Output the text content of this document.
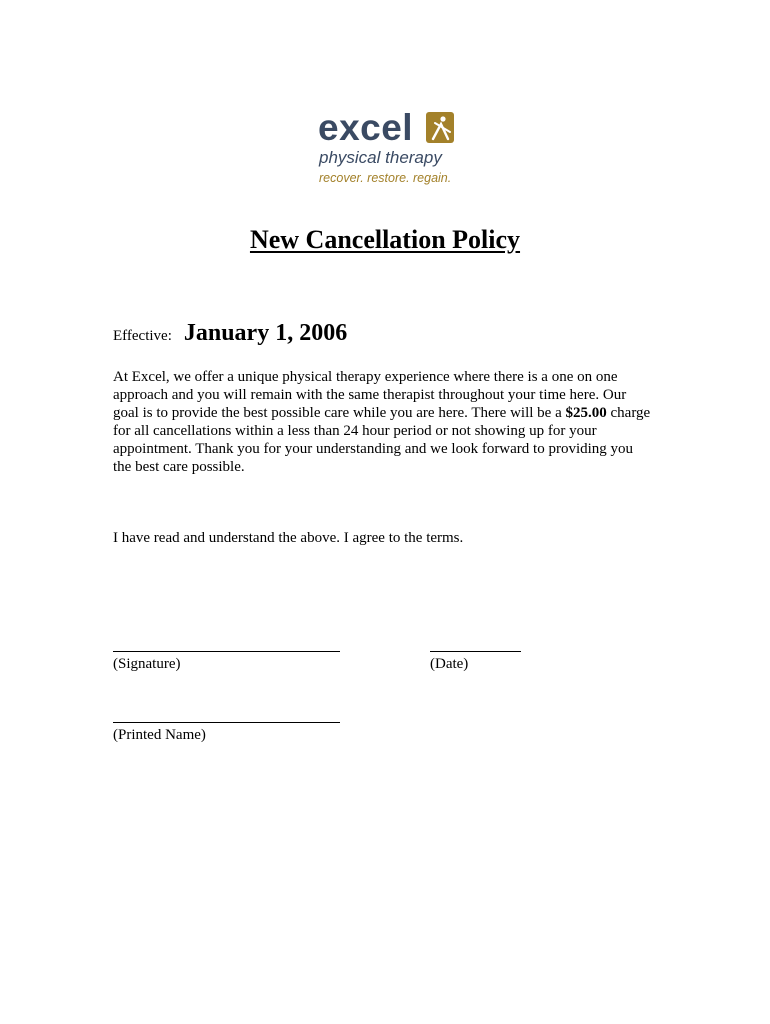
excel
physical therapy
recover. restore. regain.
New Cancellation Policy
Effective: January 1, 2006

At Excel, we offer a unique physical therapy experience where there is a one on one approach and you will remain with the same therapist throughout your time here. Our goal is to provide the best possible care while you are here. There will be a $25.00 charge for all cancellations within a less than 24 hour period or not showing up for your appointment. Thank you for your understanding and we look forward to providing you the best care possible.

I have read and understand the above. I agree to the terms.

(Signature)	(Date)
(Printed Name)
